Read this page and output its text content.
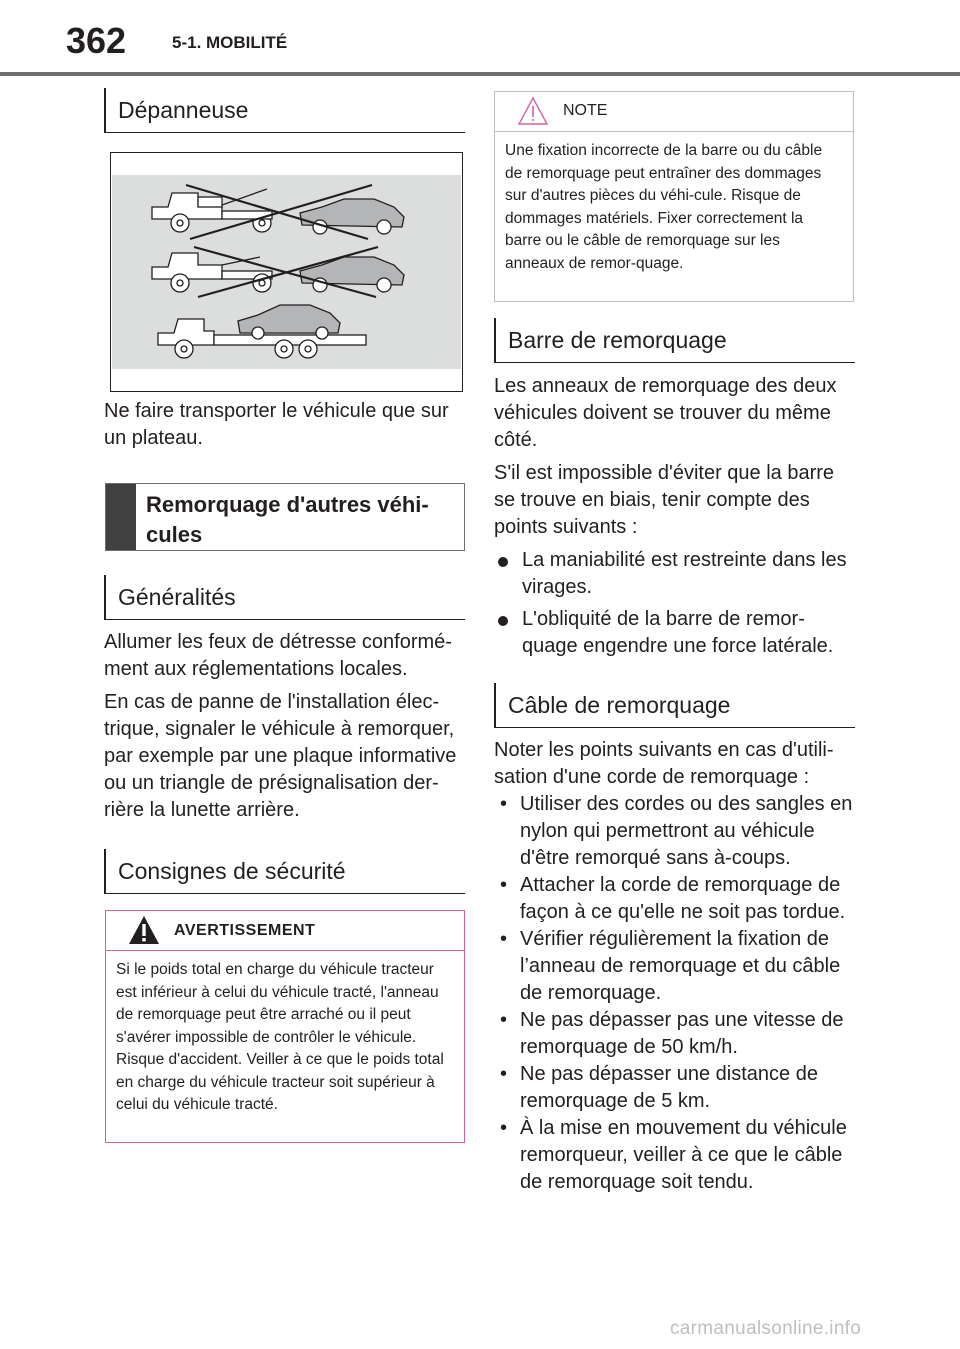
362	5-1. MOBILITÉ
Dépanneuse
Ne faire transporter le véhicule que sur un plateau.
Remorquage d'autres véhi-cules
Généralités

Allumer les feux de détresse conformé-ment aux réglementations locales.

En cas de panne de l'installation élec-trique, signaler le véhicule à remorquer, par exemple par une plaque informative ou un triangle de présignalisation der-rière la lunette arrière.

Consignes de sécurité
AVERTISSEMENT
Si le poids total en charge du véhicule tracteur est inférieur à celui du véhicule tracté, l'anneau de remorquage peut être arraché ou il peut s'avérer impossible de contrôler le véhicule. Risque d'accident. Veiller à ce que le poids total en charge du véhicule tracteur soit supérieur à celui du véhicule tracté.
NOTE
Une fixation incorrecte de la barre ou du câble de remorquage peut entraîner des dommages sur d'autres pièces du véhi-cule. Risque de dommages matériels. Fixer correctement la barre ou le câble de remorquage sur les anneaux de remor-quage.
Barre de remorquage

Les anneaux de remorquage des deux véhicules doivent se trouver du même côté.

S'il est impossible d'éviter que la barre se trouve en biais, tenir compte des points suivants :

La maniabilité est restreinte dans les virages.
L'obliquité de la barre de remor-quage engendre une force latérale.
Câble de remorquage

Noter les points suivants en cas d'utili-sation d'une corde de remorquage :

• Utiliser des cordes ou des sangles en nylon qui permettront au véhicule d'être remorqué sans à-coups.
• Attacher la corde de remorquage de façon à ce qu'elle ne soit pas tordue.
• Vérifier régulièrement la fixation de l’anneau de remorquage et du câble de remorquage.
• Ne pas dépasser pas une vitesse de remorquage de 50 km/h.
• Ne pas dépasser une distance de remorquage de 5 km.
• À la mise en mouvement du véhicule remorqueur, veiller à ce que le câble de remorquage soit tendu.
carmanualsonline.info
